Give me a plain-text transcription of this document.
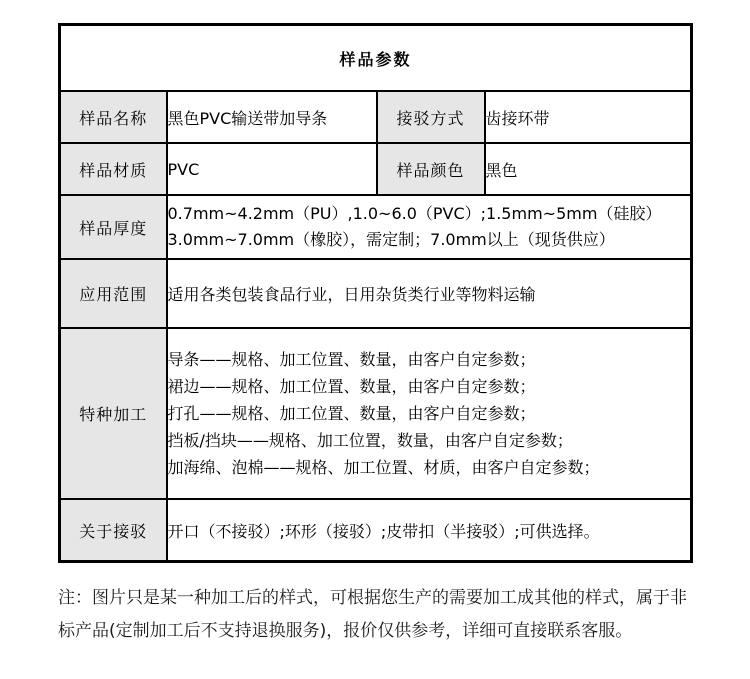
样品参数			
样品名称	黑色PVC输送带加导条	接驳方式	齿接环带
样品材质	PVC	样品颜色	黑色
样品厚度	0.7mm~4.2mm（PU）,1.0~6.0（PVC）;1.5mm~5mm（硅胶）
3.0mm~7.0mm（橡胶），需定制；7.0mm以上（现货供应）		

应用范围	适用各类包装食品行业，日用杂货类行业等物料运输		
特种加工	导条——规格、加工位置、数量，由客户自定参数；
裙边——规格、加工位置、数量，由客户自定参数；
打孔——规格、加工位置、数量，由客户自定参数；
挡板/挡块——规格、加工位置，数量，由客户自定参数；
加海绵、泡棉——规格、加工位置、材质，由客户自定参数；		

关于接驳	开口（不接驳）;环形（接驳）;皮带扣（半接驳）;可供选择。		
注：图片只是某一种加工后的样式，可根据您生产的需要加工成其他的样式，属于非
标产品(定制加工后不支持退换服务)，报价仅供参考，详细可直接联系客服。
